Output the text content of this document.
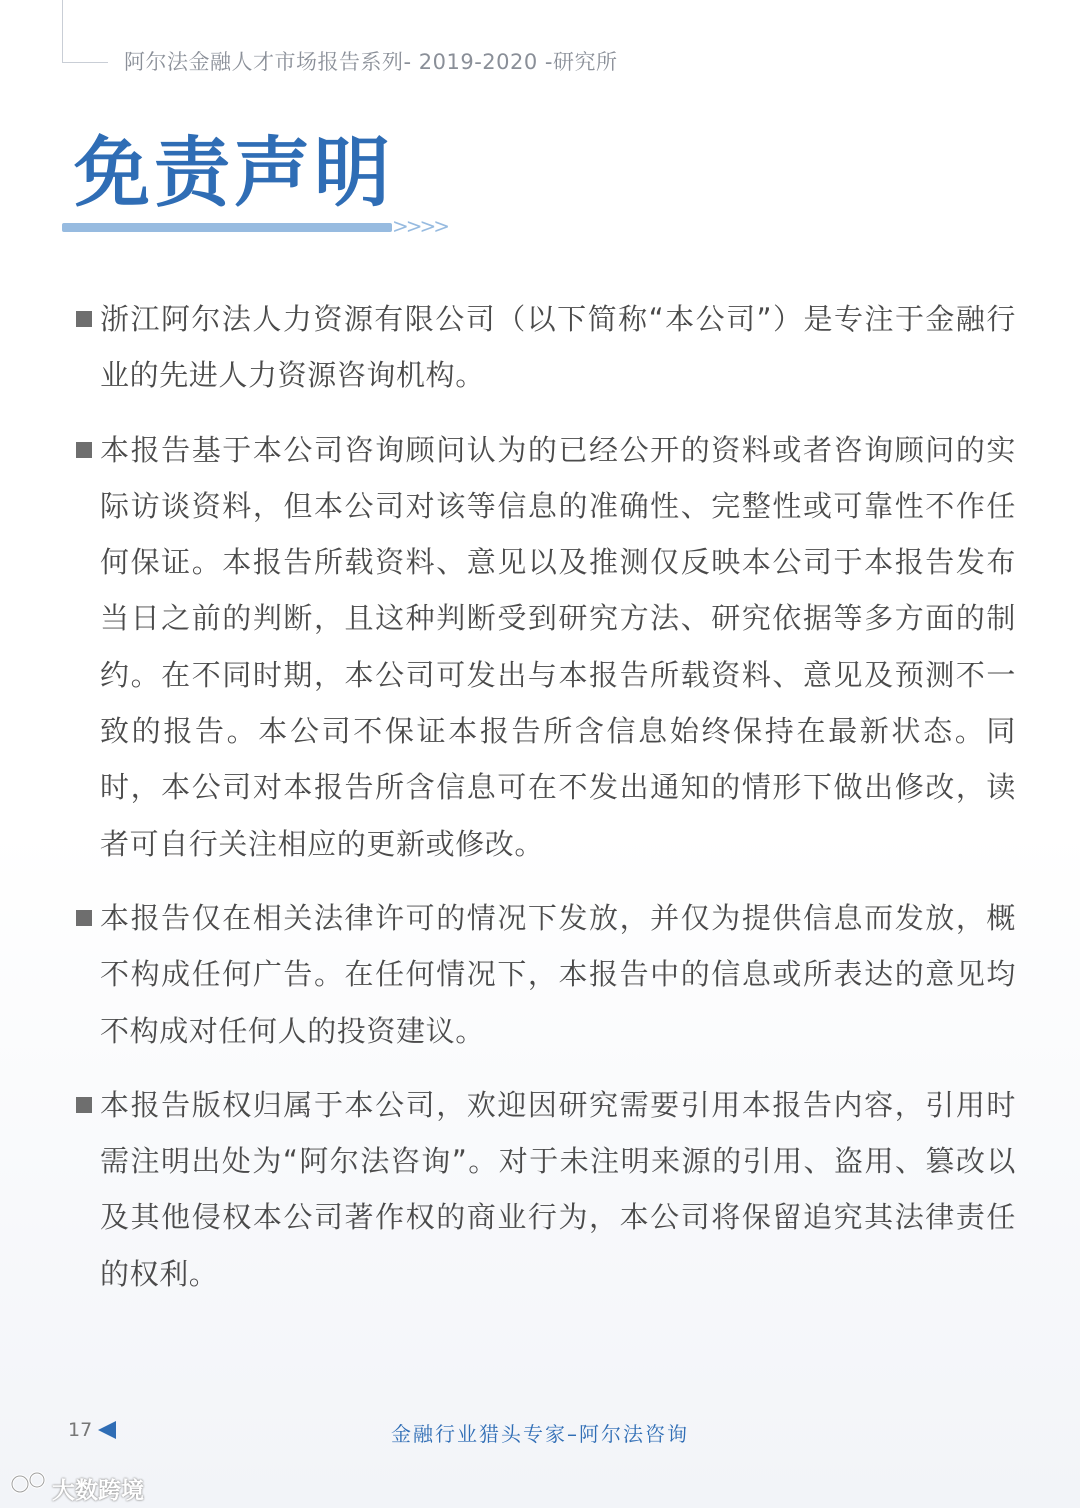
阿尔法金融人才市场报告系列- 2019-2020 -研究所
免责声明
>>>>

浙江阿尔法人力资源有限公司（以下简称“本公司”）是专注于金融行业的先进人力资源咨询机构。

本报告基于本公司咨询顾问认为的已经公开的资料或者咨询顾问的实际访谈资料，但本公司对该等信息的准确性、完整性或可靠性不作任何保证。本报告所载资料、意见以及推测仅反映本公司于本报告发布当日之前的判断，且这种判断受到研究方法、研究依据等多方面的制约。在不同时期，本公司可发出与本报告所载资料、意见及预测不一致的报告。本公司不保证本报告所含信息始终保持在最新状态。同时，本公司对本报告所含信息可在不发出通知的情形下做出修改，读者可自行关注相应的更新或修改。

本报告仅在相关法律许可的情况下发放，并仅为提供信息而发放，概不构成任何广告。在任何情况下，本报告中的信息或所表达的意见均不构成对任何人的投资建议。

本报告版权归属于本公司，欢迎因研究需要引用本报告内容，引用时需注明出处为“阿尔法咨询”。对于未注明来源的引用、盗用、篡改以及其他侵权本公司著作权的商业行为，本公司将保留追究其法律责任的权利。

17	金融行业猎头专家–阿尔法咨询
大数跨境
